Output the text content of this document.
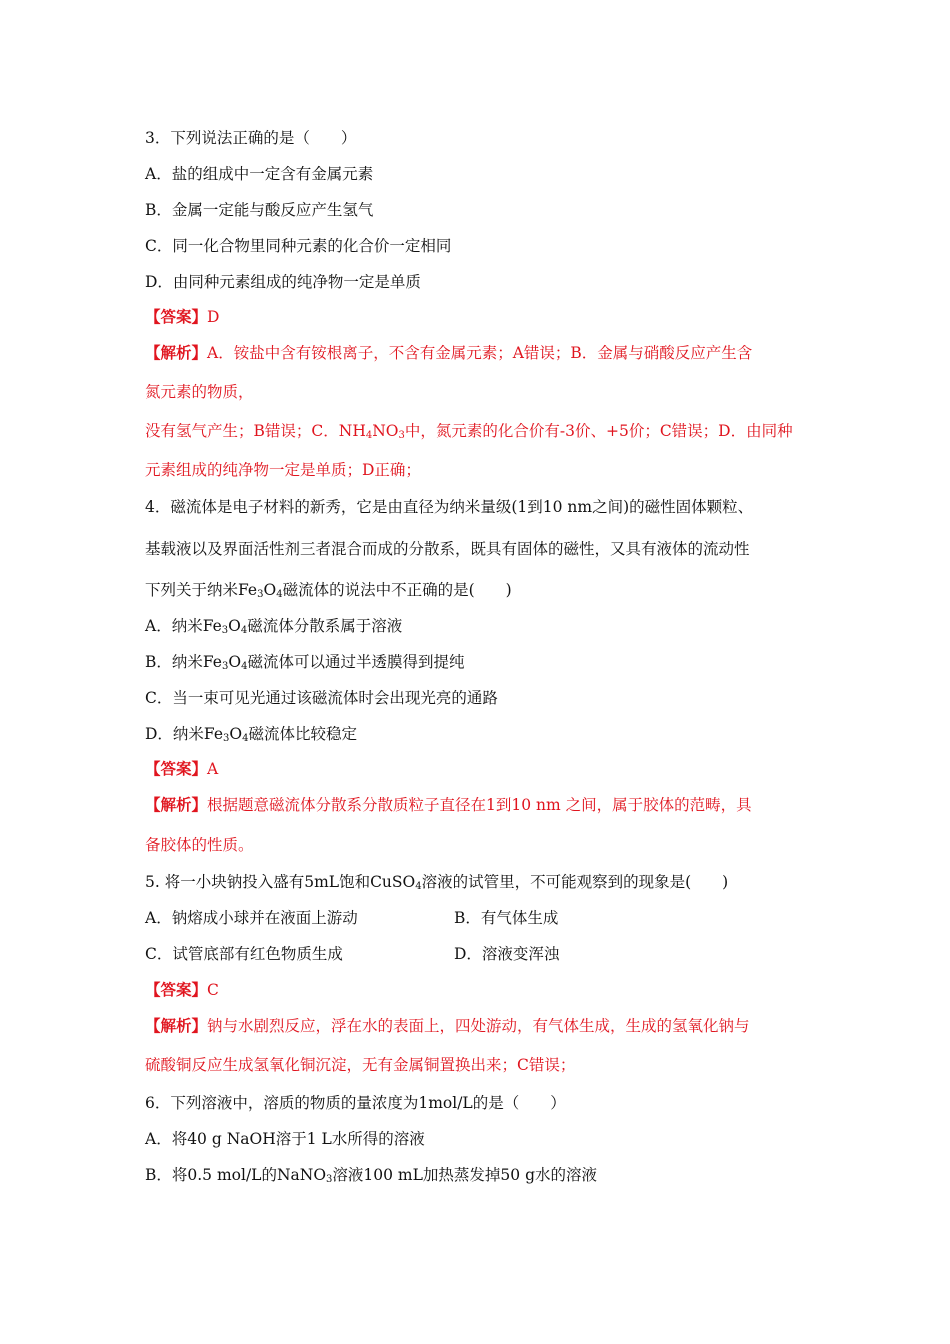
3．下列说法正确的是（　　）
A．盐的组成中一定含有金属元素
B．金属一定能与酸反应产生氢气
C．同一化合物里同种元素的化合价一定相同
D．由同种元素组成的纯净物一定是单质
【答案】D
【解析】A．铵盐中含有铵根离子，不含有金属元素；A错误；B．金属与硝酸反应产生含
氮元素的物质，
没有氢气产生；B错误；C．$NH_4NO_3$中，氮元素的化合价有-3价、+5价；C错误；D．由同种
元素组成的纯净物一定是单质；D正确；
4．磁流体是电子材料的新秀，它是由直径为纳米量级(1到10 nm之间)的磁性固体颗粒、
基载液以及界面活性剂三者混合而成的分散系，既具有固体的磁性，又具有液体的流动性
下列关于纳米$Fe_3O_4$磁流体的说法中不正确的是(　　)
A．纳米$Fe_3O_4$磁流体分散系属于溶液
B．纳米$Fe_3O_4$磁流体可以通过半透膜得到提纯
C．当一束可见光通过该磁流体时会出现光亮的通路
D．纳米$Fe_3O_4$磁流体比较稳定
【答案】A
【解析】根据题意磁流体分散系分散质粒子直径在1到10 nm 之间，属于胶体的范畴，具
备胶体的性质。
5. 将一小块钠投入盛有5mL饱和CuSO$_4$溶液的试管里，不可能观察到的现象是(　　)
A．钠熔成小球并在液面上游动	B．有气体生成
C．试管底部有红色物质生成	D．溶液变浑浊
【答案】C
【解析】钠与水剧烈反应，浮在水的表面上，四处游动，有气体生成，生成的氢氧化钠与
硫酸铜反应生成氢氧化铜沉淀，无有金属铜置换出来；C错误；
6．下列溶液中，溶质的物质的量浓度为1mol/L的是（　　）
A．将40 g NaOH溶于1 L水所得的溶液
B．将0.5 mol/L的NaNO$_3$溶液100 mL加热蒸发掉50 g水的溶液
